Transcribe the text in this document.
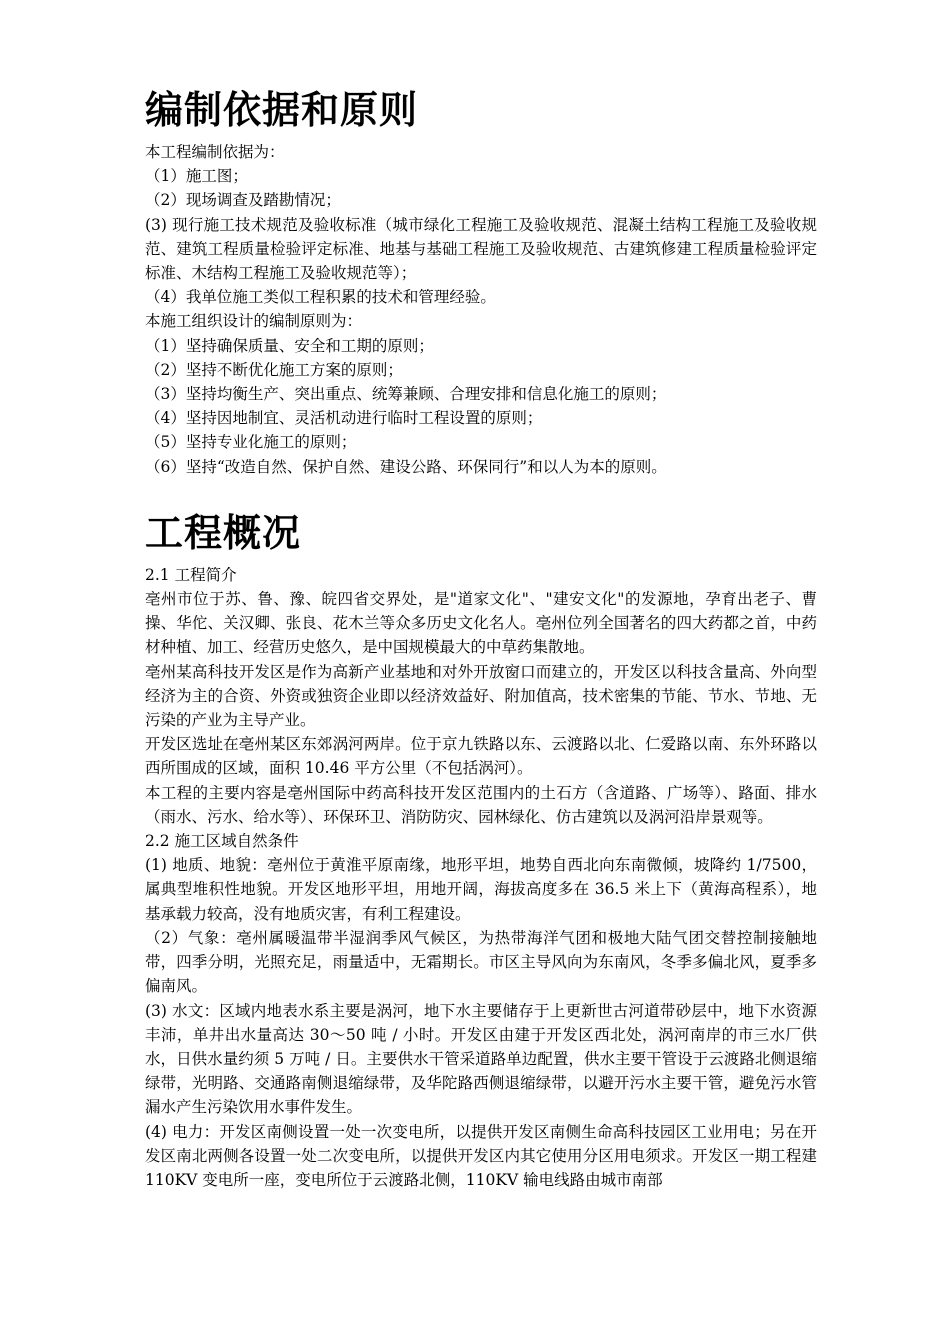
编制依据和原则

本工程编制依据为：

（1）施工图；

（2）现场调查及踏勘情况；

(3) 现行施工技术规范及验收标准（城市绿化工程施工及验收规范、混凝土结构工程施工及验收规范、建筑工程质量检验评定标准、地基与基础工程施工及验收规范、古建筑修建工程质量检验评定标准、木结构工程施工及验收规范等）；

（4）我单位施工类似工程积累的技术和管理经验。

本施工组织设计的编制原则为：

（1）坚持确保质量、安全和工期的原则；

（2）坚持不断优化施工方案的原则；

（3）坚持均衡生产、突出重点、统筹兼顾、合理安排和信息化施工的原则；

（4）坚持因地制宜、灵活机动进行临时工程设置的原则；

（5）坚持专业化施工的原则；

（6）坚持“改造自然、保护自然、建设公路、环保同行”和以人为本的原则。

工程概况

2.1 工程简介

亳州市位于苏、鲁、豫、皖四省交界处，是"道家文化"、"建安文化"的发源地，孕育出老子、曹操、华佗、关汉卿、张良、花木兰等众多历史文化名人。亳州位列全国著名的四大药都之首，中药材种植、加工、经营历史悠久，是中国规模最大的中草药集散地。

亳州某高科技开发区是作为高新产业基地和对外开放窗口而建立的，开发区以科技含量高、外向型经济为主的合资、外资或独资企业即以经济效益好、附加值高，技术密集的节能、节水、节地、无污染的产业为主导产业。

开发区选址在亳州某区东郊涡河两岸。位于京九铁路以东、云渡路以北、仁爱路以南、东外环路以西所围成的区域，面积 10.46 平方公里（不包括涡河）。

本工程的主要内容是亳州国际中药高科技开发区范围内的土石方（含道路、广场等）、路面、排水（雨水、污水、给水等）、环保环卫、消防防灾、园林绿化、仿古建筑以及涡河沿岸景观等。

2.2 施工区域自然条件

(1) 地质、地貌：亳州位于黄淮平原南缘，地形平坦，地势自西北向东南微倾，坡降约 1/7500，属典型堆积性地貌。开发区地形平坦，用地开阔，海拔高度多在 36.5 米上下（黄海高程系），地基承载力较高，没有地质灾害，有利工程建设。

（2）气象：亳州属暖温带半湿润季风气候区，为热带海洋气团和极地大陆气团交替控制接触地带，四季分明，光照充足，雨量适中，无霜期长。市区主导风向为东南风，冬季多偏北风，夏季多偏南风。

(3) 水文：区域内地表水系主要是涡河，地下水主要储存于上更新世古河道带砂层中，地下水资源丰沛，单井出水量高达 30～50 吨 / 小时。开发区由建于开发区西北处，涡河南岸的市三水厂供水，日供水量约须 5 万吨 / 日。主要供水干管采道路单边配置，供水主要干管设于云渡路北侧退缩绿带，光明路、交通路南侧退缩绿带，及华陀路西侧退缩绿带，以避开污水主要干管，避免污水管漏水产生污染饮用水事件发生。

(4) 电力：开发区南侧设置一处一次变电所，以提供开发区南侧生命高科技园区工业用电；另在开发区南北两侧各设置一处二次变电所，以提供开发区内其它使用分区用电须求。开发区一期工程建 110KV 变电所一座，变电所位于云渡路北侧，110KV 输电线路由城市南部
